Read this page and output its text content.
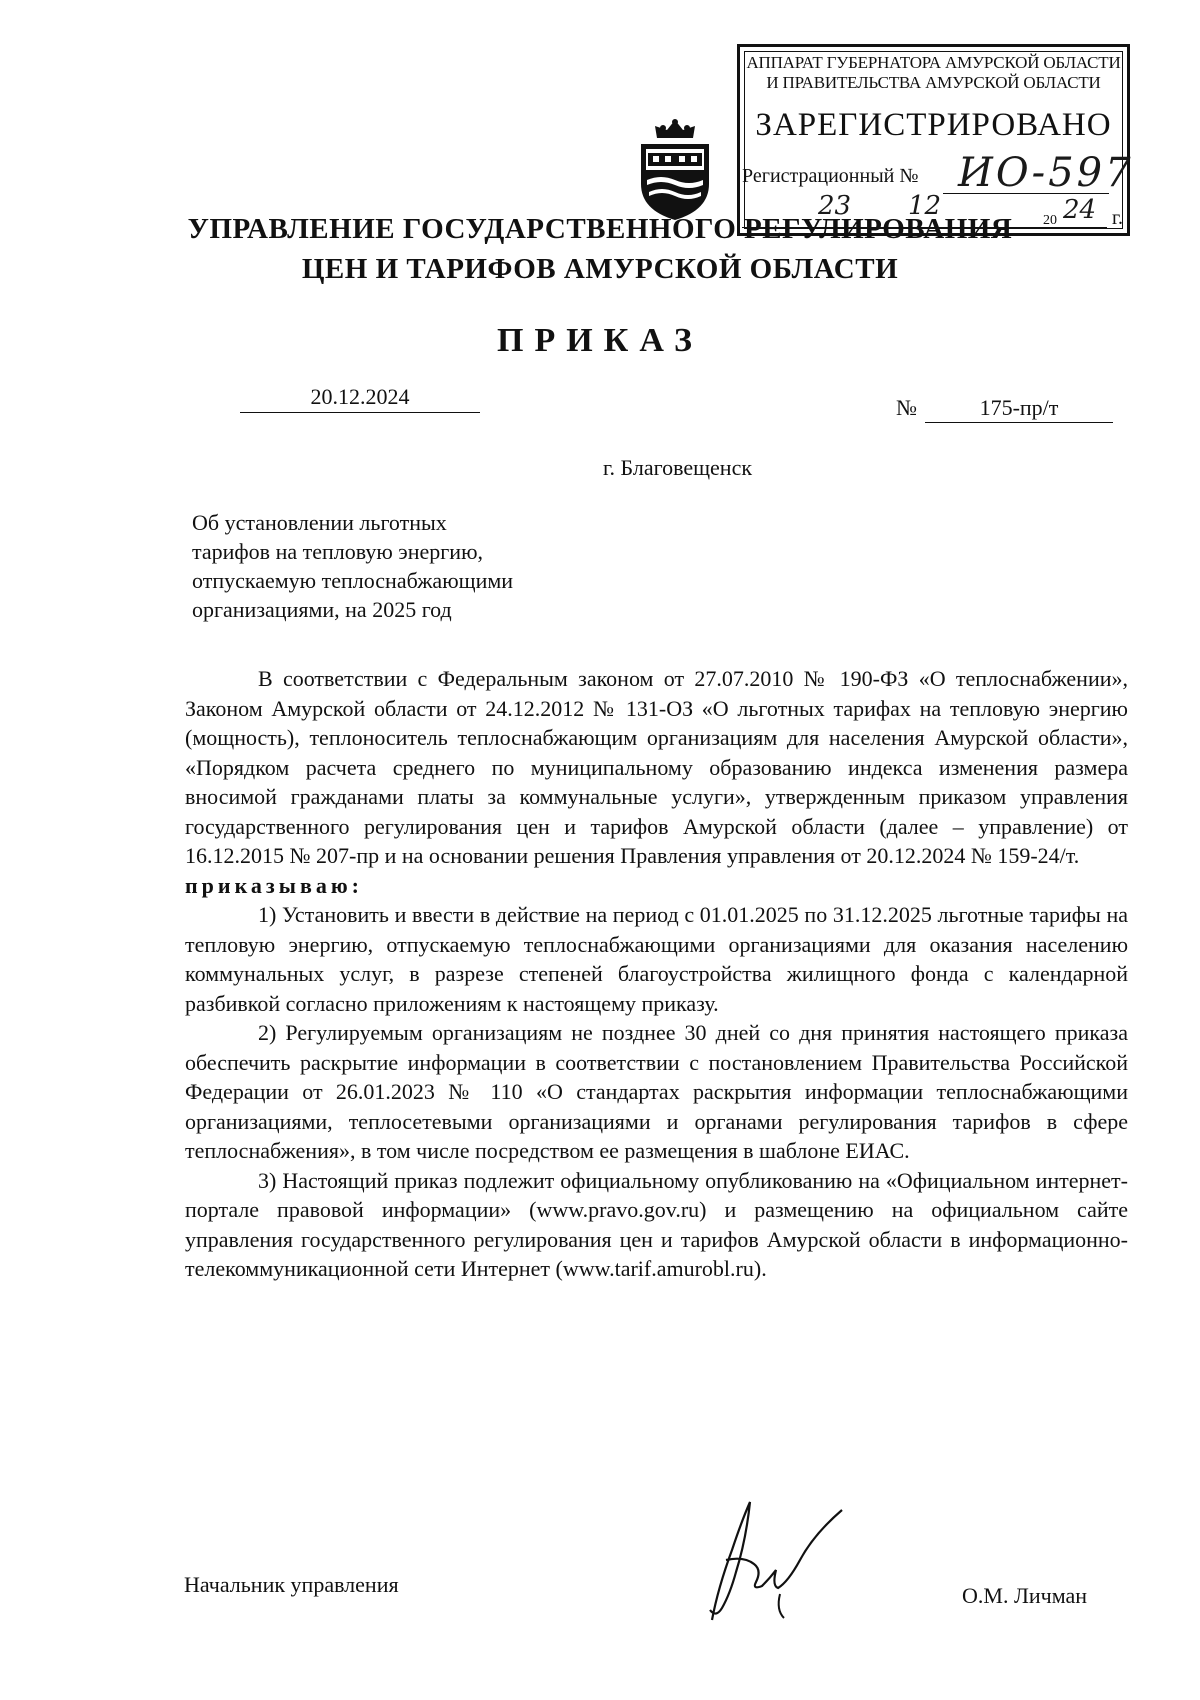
АППАРАТ ГУБЕРНАТОРА АМУРСКОЙ ОБЛАСТИ
И ПРАВИТЕЛЬСТВА АМУРСКОЙ ОБЛАСТИ
ЗАРЕГИСТРИРОВАНО
Регистрационный № ИО-597
23 12	20 24 г.
УПРАВЛЕНИЕ ГОСУДАРСТВЕННОГО РЕГУЛИРОВАНИЯ
ЦЕН И ТАРИФОВ АМУРСКОЙ ОБЛАСТИ
ПРИКАЗ
20.12.2024	№	175-пр/т
г. Благовещенск
Об установлении льготных
тарифов на тепловую энергию,
отпускаемую теплоснабжающими
организациями, на 2025 год

В соответствии с Федеральным законом от 27.07.2010 № 190-ФЗ «О теплоснабжении», Законом Амурской области от 24.12.2012 № 131-ОЗ «О льготных тарифах на тепловую энергию (мощность), теплоноситель теплоснабжающим организациям для населения Амурской области», «Порядком расчета среднего по муниципальному образованию индекса изменения размера вносимой гражданами платы за коммунальные услуги», утвержденным приказом управления государственного регулирования цен и тарифов Амурской области (далее – управление) от 16.12.2015 № 207-пр и на основании решения Правления управления от 20.12.2024 № 159-24/т.

приказываю:

1) Установить и ввести в действие на период с 01.01.2025 по 31.12.2025 льготные тарифы на тепловую энергию, отпускаемую теплоснабжающими организациями для оказания населению коммунальных услуг, в разрезе степеней благоустройства жилищного фонда с календарной разбивкой согласно приложениям к настоящему приказу.

2) Регулируемым организациям не позднее 30 дней со дня принятия настоящего приказа обеспечить раскрытие информации в соответствии с постановлением Правительства Российской Федерации от 26.01.2023 № 110 «О стандартах раскрытия информации теплоснабжающими организациями, теплосетевыми организациями и органами регулирования тарифов в сфере теплоснабжения», в том числе посредством ее размещения в шаблоне ЕИАС.

3) Настоящий приказ подлежит официальному опубликованию на «Официальном интернет-портале правовой информации» (www.pravo.gov.ru) и размещению на официальном сайте управления государственного регулирования цен и тарифов Амурской области в информационно-телекоммуникационной сети Интернет (www.tarif.amurobl.ru).

Начальник управления	О.М. Личман
